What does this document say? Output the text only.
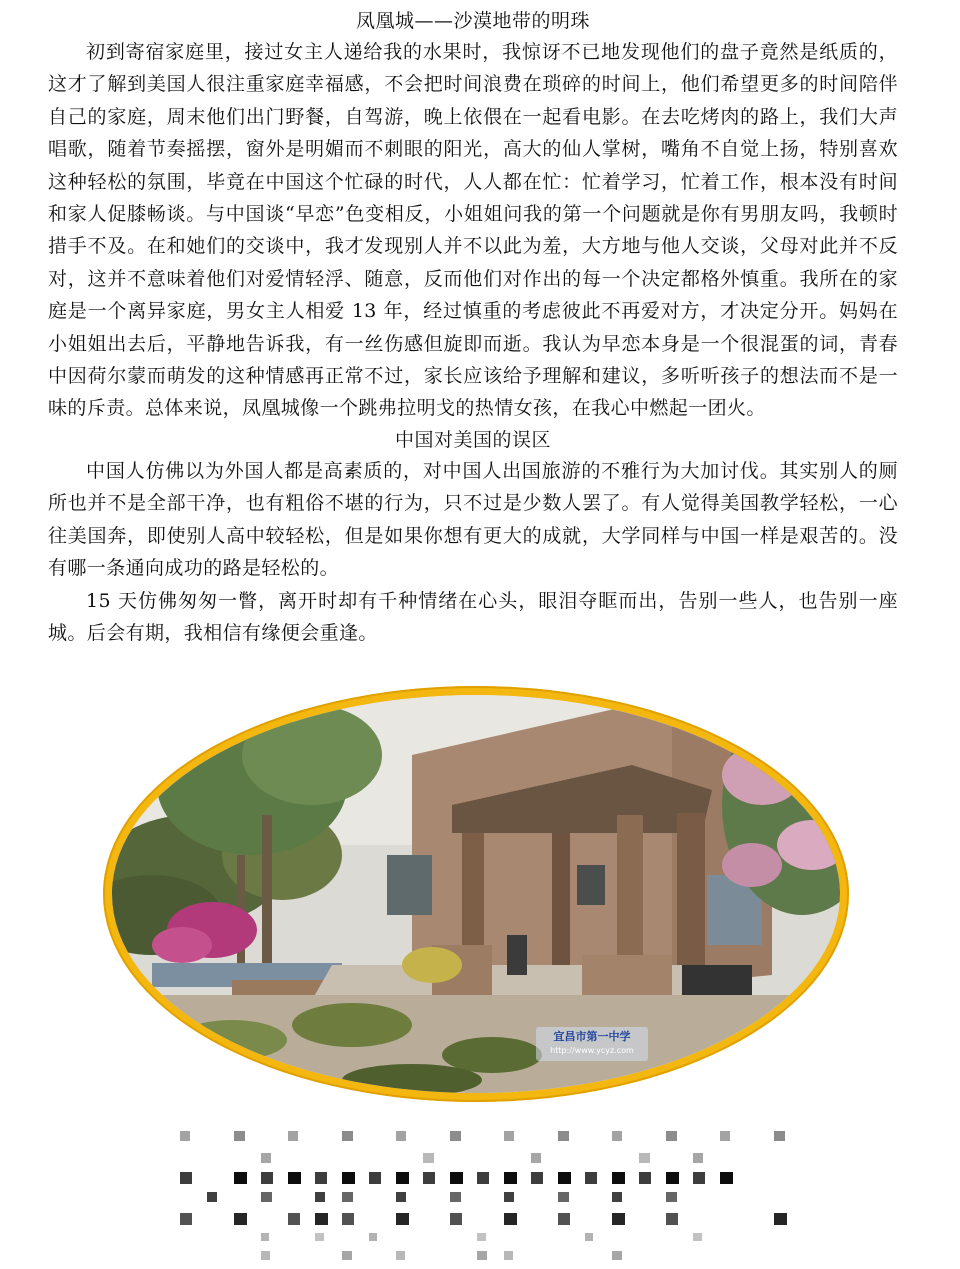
凤凰城——沙漠地带的明珠

初到寄宿家庭里，接过女主人递给我的水果时，我惊讶不已地发现他们的盘子竟然是纸质的，这才了解到美国人很注重家庭幸福感，不会把时间浪费在琐碎的时间上，他们希望更多的时间陪伴自己的家庭，周末他们出门野餐，自驾游，晚上依偎在一起看电影。在去吃烤肉的路上，我们大声唱歌，随着节奏摇摆，窗外是明媚而不刺眼的阳光，高大的仙人掌树，嘴角不自觉上扬，特别喜欢这种轻松的氛围，毕竟在中国这个忙碌的时代，人人都在忙：忙着学习，忙着工作，根本没有时间和家人促膝畅谈。与中国谈“早恋”色变相反，小姐姐问我的第一个问题就是你有男朋友吗，我顿时措手不及。在和她们的交谈中，我才发现别人并不以此为羞，大方地与他人交谈，父母对此并不反对，这并不意味着他们对爱情轻浮、随意，反而他们对作出的每一个决定都格外慎重。我所在的家庭是一个离异家庭，男女主人相爱 13 年，经过慎重的考虑彼此不再爱对方，才决定分开。妈妈在小姐姐出去后，平静地告诉我，有一丝伤感但旋即而逝。我认为早恋本身是一个很混蛋的词，青春中因荷尔蒙而萌发的这种情感再正常不过，家长应该给予理解和建议，多听听孩子的想法而不是一味的斥责。总体来说，凤凰城像一个跳弗拉明戈的热情女孩，在我心中燃起一团火。

中国对美国的误区

中国人仿佛以为外国人都是高素质的，对中国人出国旅游的不雅行为大加讨伐。其实别人的厕所也并不是全部干净，也有粗俗不堪的行为，只不过是少数人罢了。有人觉得美国教学轻松，一心往美国奔，即使别人高中较轻松，但是如果你想有更大的成就，大学同样与中国一样是艰苦的。没有哪一条通向成功的路是轻松的。

15 天仿佛匆匆一瞥，离开时却有千种情绪在心头，眼泪夺眶而出，告别一些人，也告别一座城。后会有期，我相信有缘便会重逢。

宜昌市第一中学
http://www.ycyz.com
